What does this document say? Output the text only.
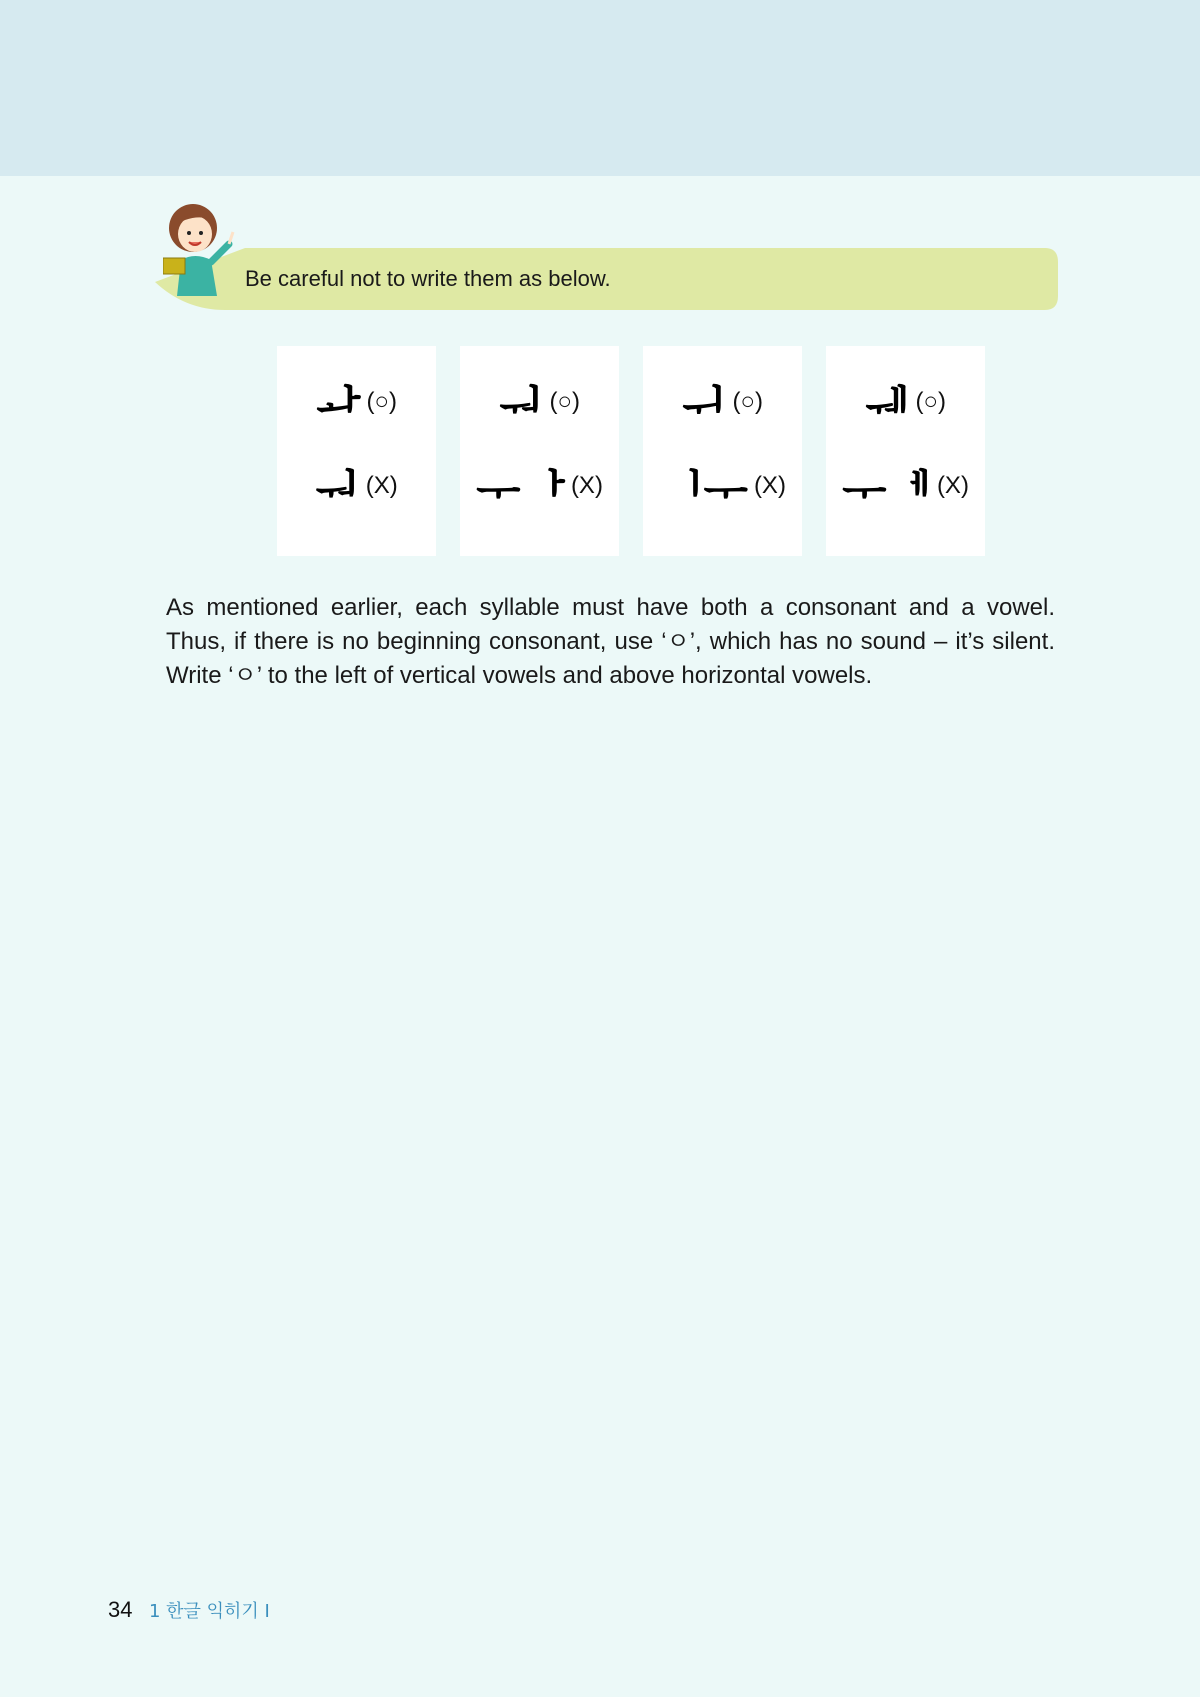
Be careful not to write them as below.
ᅪ (○)
ᅯ (X)
ᅯ (○)
ᅮᅡ (X)
ᅱ (○)
ᅵᅮ (X)
ᅰ (○)
ᅮᅦ (X)

As mentioned earlier, each syllable must have both a consonant and a vowel.

Thus, if there is no beginning consonant, use ‘ㅇ’, which has no sound – it’s silent.

Write ‘ㅇ’ to the left of vertical vowels and above horizontal vowels.

34 1 한글 익히기 Ⅰ
